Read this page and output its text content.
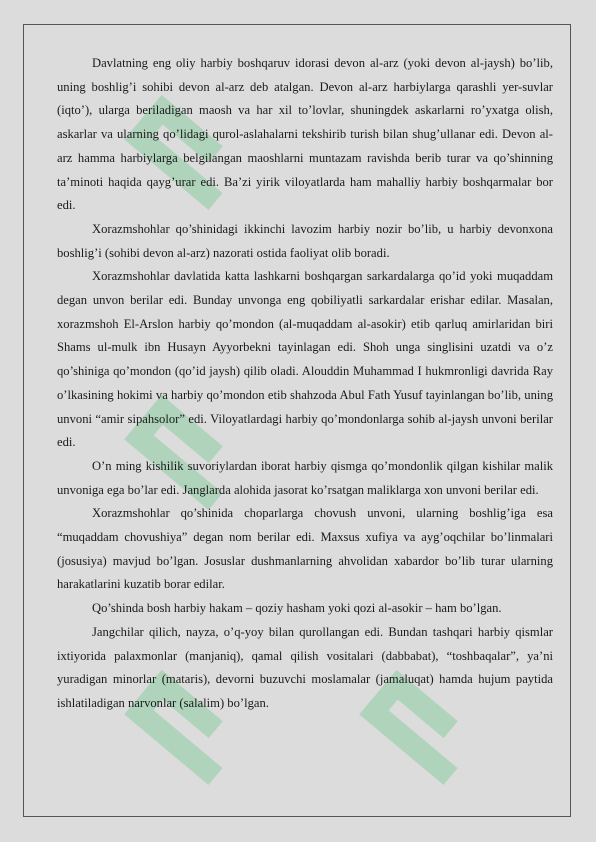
Davlatning eng oliy harbiy boshqaruv idorasi devon al-arz (yoki devon al-jaysh) bo’lib, uning boshlig’i sohibi devon al-arz deb atalgan. Devon al-arz harbiylarga qarashli yer-suvlar (iqto’), ularga beriladigan maosh va har xil to’lovlar, shuningdek askarlarni ro’yxatga olish, askarlar va ularning qo’lidagi qurol-aslahalarni tekshirib turish bilan shug’ullanar edi. Devon al-arz hamma harbiylarga belgilangan maoshlarni muntazam ravishda berib turar va qo’shinning ta’minoti haqida qayg’urar edi. Ba’zi yirik viloyatlarda ham mahalliy harbiy boshqarmalar bor edi.

Xorazmshohlar qo’shinidagi ikkinchi lavozim harbiy nozir bo’lib, u harbiy devonxona boshlig’i (sohibi devon al-arz) nazorati ostida faoliyat olib boradi.

Xorazmshohlar davlatida katta lashkarni boshqargan sarkardalarga qo’id yoki muqaddam degan unvon berilar edi. Bunday unvonga eng qobiliyatli sarkardalar erishar edilar. Masalan, xorazmshoh El-Arslon harbiy qo’mondon (al-muqaddam al-asokir) etib qarluq amirlaridan biri Shams ul-mulk ibn Husayn Ayyorbekni tayinlagan edi. Shoh unga singlisini uzatdi va o’z qo’shiniga qo’mondon (qo’id jaysh) qilib oladi. Alouddin Muhammad I hukmronligi davrida Ray o’lkasining hokimi va harbiy qo’mondon etib shahzoda Abul Fath Yusuf tayinlangan bo’lib, uning unvoni “amir sipahsolor” edi. Viloyatlardagi harbiy qo’mondonlarga sohib al-jaysh unvoni berilar edi.

O’n ming kishilik suvoriylardan iborat harbiy qismga qo’mondonlik qilgan kishilar malik unvoniga ega bo’lar edi. Janglarda alohida jasorat ko’rsatgan maliklarga xon unvoni berilar edi.

Xorazmshohlar qo’shinida choparlarga chovush unvoni, ularning boshlig’iga esa “muqaddam chovushiya” degan nom berilar edi. Maxsus xufiya va ayg’oqchilar bo’linmalari (josusiya) mavjud bo’lgan. Josuslar dushmanlarning ahvolidan xabardor bo’lib turar ularning harakatlarini kuzatib borar edilar.

Qo’shinda bosh harbiy hakam – qoziy hasham yoki qozi al-asokir – ham bo’lgan.

Jangchilar qilich, nayza, o’q-yoy bilan qurollangan edi. Bundan tashqari harbiy qismlar ixtiyorida palaxmonlar (manjaniq), qamal qilish vositalari (dabbabat), “toshbaqalar”, ya’ni yuradigan minorlar (mataris), devorni buzuvchi moslamalar (jamaluqat) hamda hujum paytida ishlatiladigan narvonlar (salalim) bo’lgan.
